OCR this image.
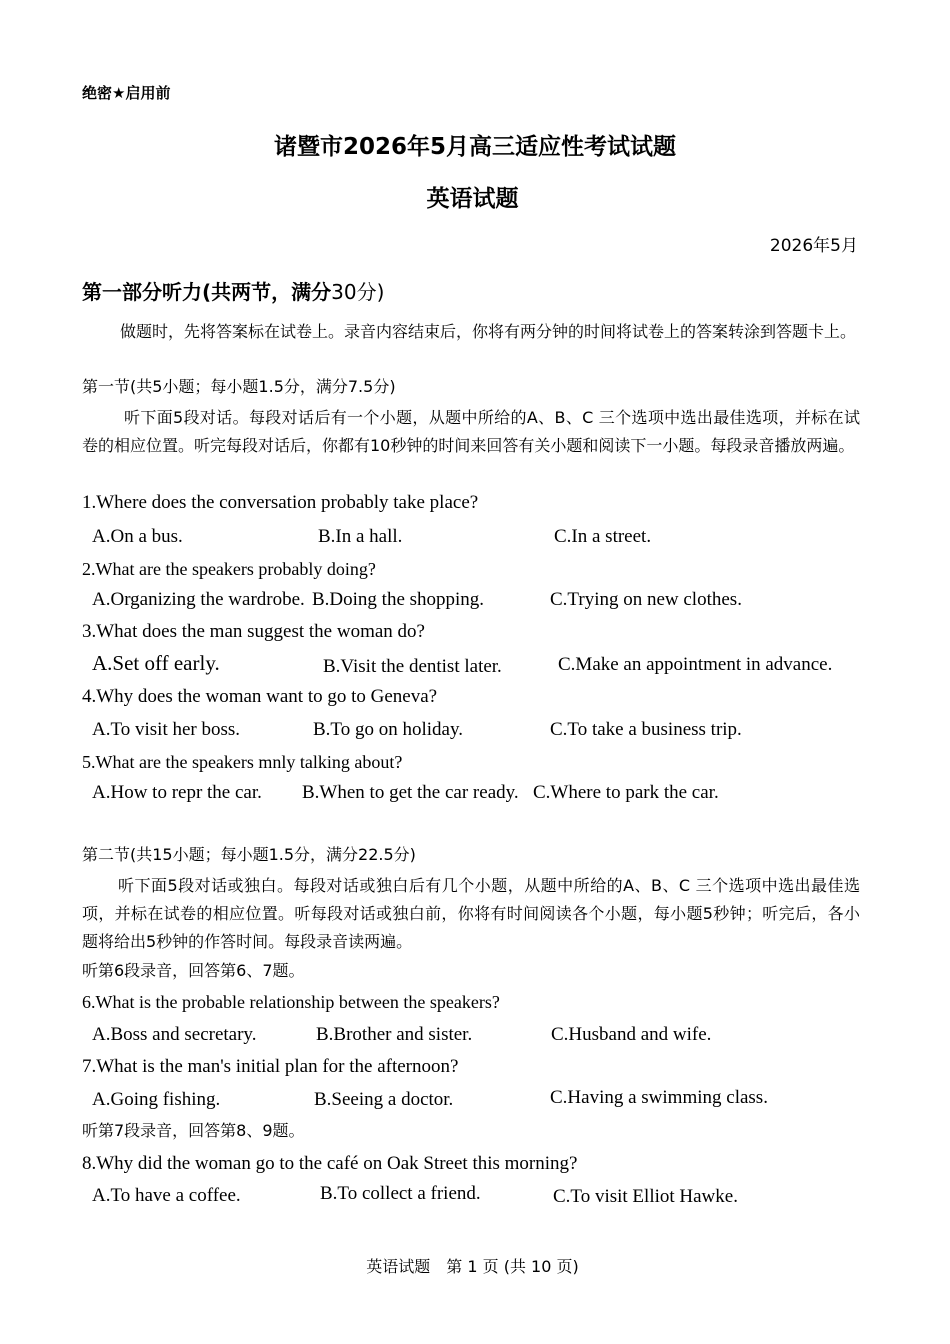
绝密★启用前
诸暨市2026年5月高三适应性考试试题
英语试题
2026年5月
第一部分听力(共两节，满分30分)
做题时，先将答案标在试卷上。录音内容结束后，你将有两分钟的时间将试卷上的答案转涂到答题卡上。
第一节(共5小题；每小题1.5分，满分7.5分)
听下面5段对话。每段对话后有一个小题，从题中所给的A、B、C 三个选项中选出最佳选项，并标在试卷的相应位置。听完每段对话后，你都有10秒钟的时间来回答有关小题和阅读下一小题。每段录音播放两遍。
1.Where does the conversation probably take place?
A.On a bus.	B.In a hall.	C.In a street.
2.What are the speakers probably doing?
A.Organizing the wardrobe. B.Doing the shopping.	C.Trying on new clothes.
3.What does the man suggest the woman do?
A.Set off early.	B.Visit the dentist later.	C.Make an appointment in advance.
4.Why does the woman want to go to Geneva?
A.To visit her boss.	B.To go on holiday.	C.To take a business trip.
5.What are the speakers mnly talking about?
A.How to repr the car. B.When to get the car ready. C.Where to park the car.
第二节(共15小题；每小题1.5分，满分22.5分)
听下面5段对话或独白。每段对话或独白后有几个小题，从题中所给的A、B、C 三个选项中选出最佳选项，并标在试卷的相应位置。听每段对话或独白前，你将有时间阅读各个小题，每小题5秒钟；听完后，各小题将给出5秒钟的作答时间。每段录音读两遍。
听第6段录音，回答第6、7题。
6.What is the probable relationship between the speakers?
A.Boss and secretary.	B.Brother and sister.	C.Husband and wife.
7.What is the man's initial plan for the afternoon?
A.Going fishing.	B.Seeing a doctor.	C.Having a swimming class.
听第7段录音，回答第8、9题。
8.Why did the woman go to the café on Oak Street this morning?
A.To have a coffee.	B.To collect a friend.	C.To visit Elliot Hawke.
英语试题　第 1 页 (共 10 页)
